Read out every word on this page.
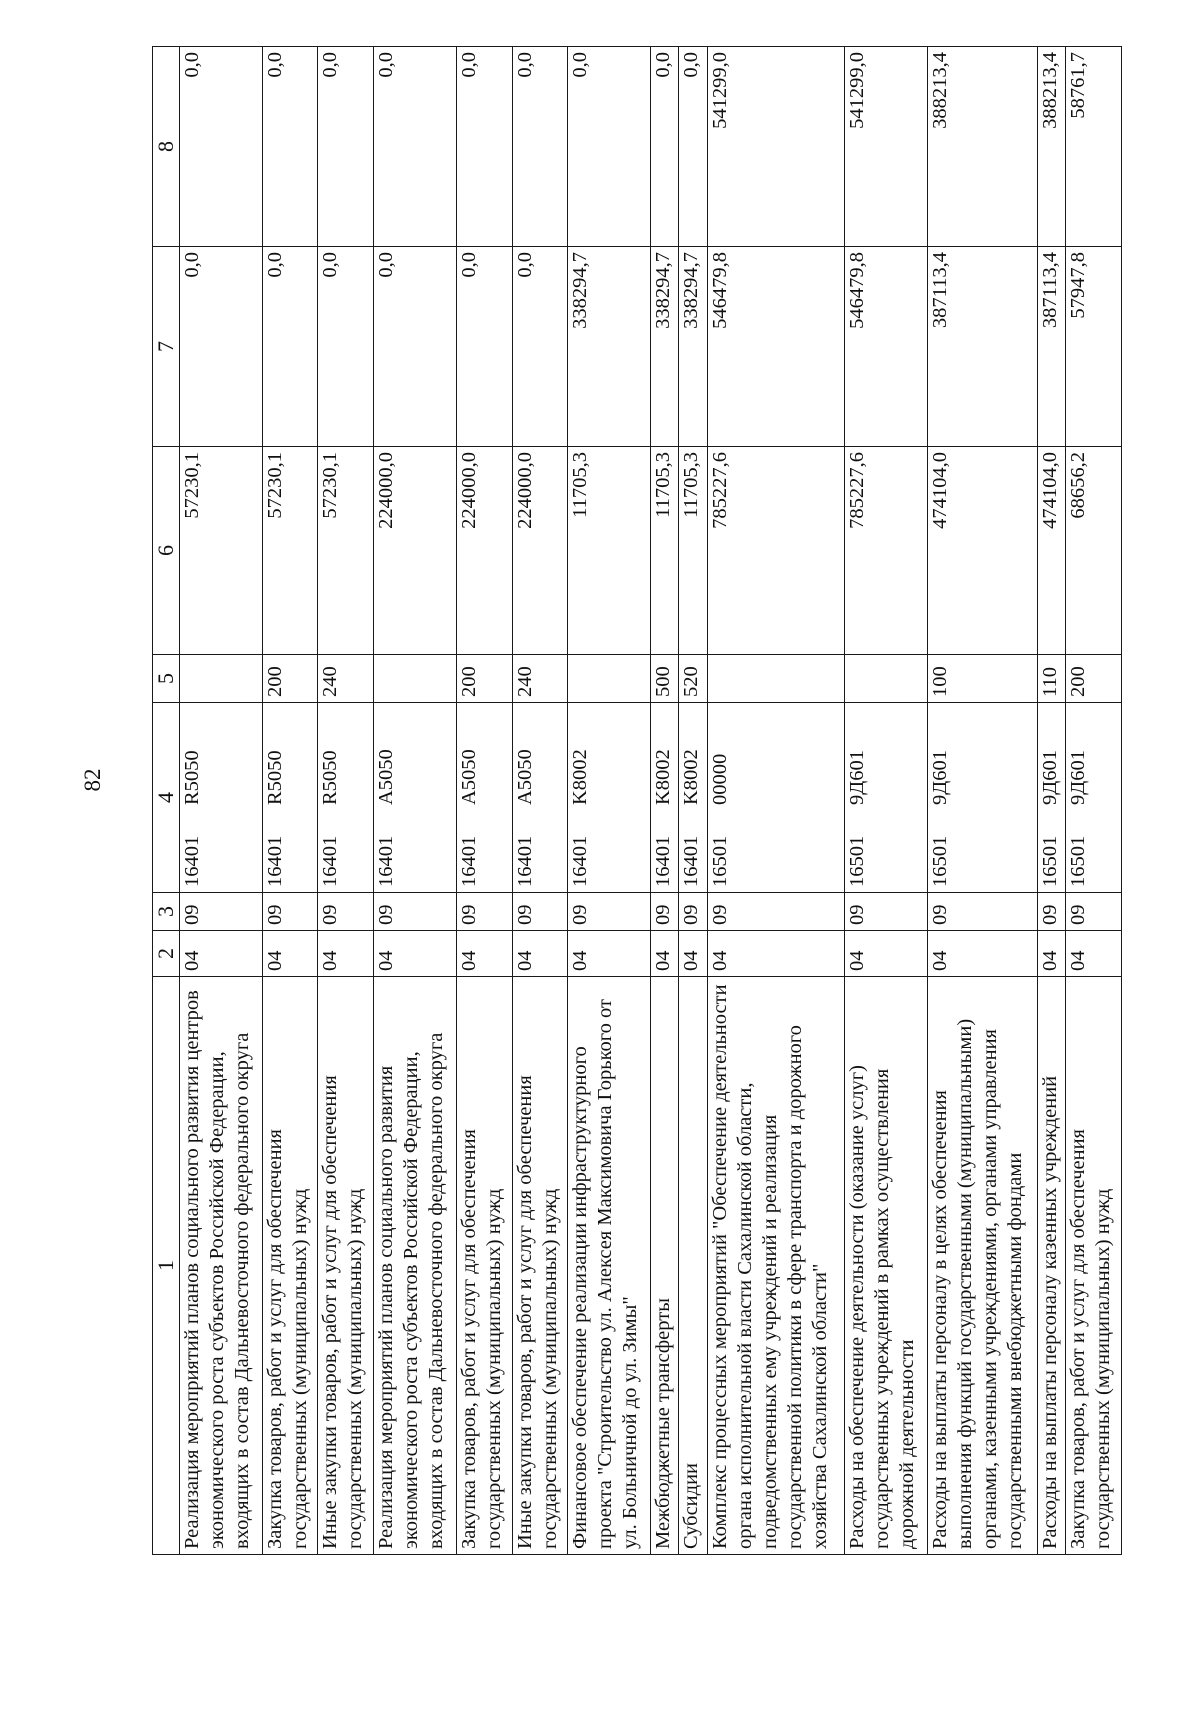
82
1	2	3	4	5	6	7	8
Реализация мероприятий планов социального развития центров экономического роста субъектов Российской Федерации, входящих в состав Дальневосточного федерального округа	04	09	16401R5050		57230,1	0,0	0,0
Закупка товаров, работ и услуг для обеспечения государственных (муниципальных) нужд	04	09	16401R5050	200	57230,1	0,0	0,0
Иные закупки товаров, работ и услуг для обеспечения государственных (муниципальных) нужд	04	09	16401R5050	240	57230,1	0,0	0,0
Реализация мероприятий планов социального развития экономического роста субъектов Российской Федерации, входящих в состав Дальневосточного федерального округа	04	09	16401A5050		224000,0	0,0	0,0
Закупка товаров, работ и услуг для обеспечения государственных (муниципальных) нужд	04	09	16401A5050	200	224000,0	0,0	0,0
Иные закупки товаров, работ и услуг для обеспечения государственных (муниципальных) нужд	04	09	16401A5050	240	224000,0	0,0	0,0
Финансовое обеспечение реализации инфраструктурного проекта "Строительство ул. Алексея Максимовича Горького от ул. Больничной до ул. Зимы"	04	09	16401K8002		11705,3	338294,7	0,0
Межбюджетные трансферты	04	09	16401K8002	500	11705,3	338294,7	0,0
Субсидии	04	09	16401K8002	520	11705,3	338294,7	0,0
Комплекс процессных мероприятий "Обеспечение деятельности органа исполнительной власти Сахалинской области, подведомственных ему учреждений и реализация государственной политики в сфере транспорта и дорожного хозяйства Сахалинской области"	04	09	1650100000		785227,6	546479,8	541299,0
Расходы на обеспечение деятельности (оказание услуг) государственных учреждений в рамках осуществления дорожной деятельности	04	09	165019Д601		785227,6	546479,8	541299,0
Расходы на выплаты персоналу в целях обеспечения выполнения функций государственными (муниципальными) органами, казенными учреждениями, органами управления государственными внебюджетными фондами	04	09	165019Д601	100	474104,0	387113,4	388213,4
Расходы на выплаты персоналу казенных учреждений	04	09	165019Д601	110	474104,0	387113,4	388213,4
Закупка товаров, работ и услуг для обеспечения государственных (муниципальных) нужд	04	09	165019Д601	200	68656,2	57947,8	58761,7
